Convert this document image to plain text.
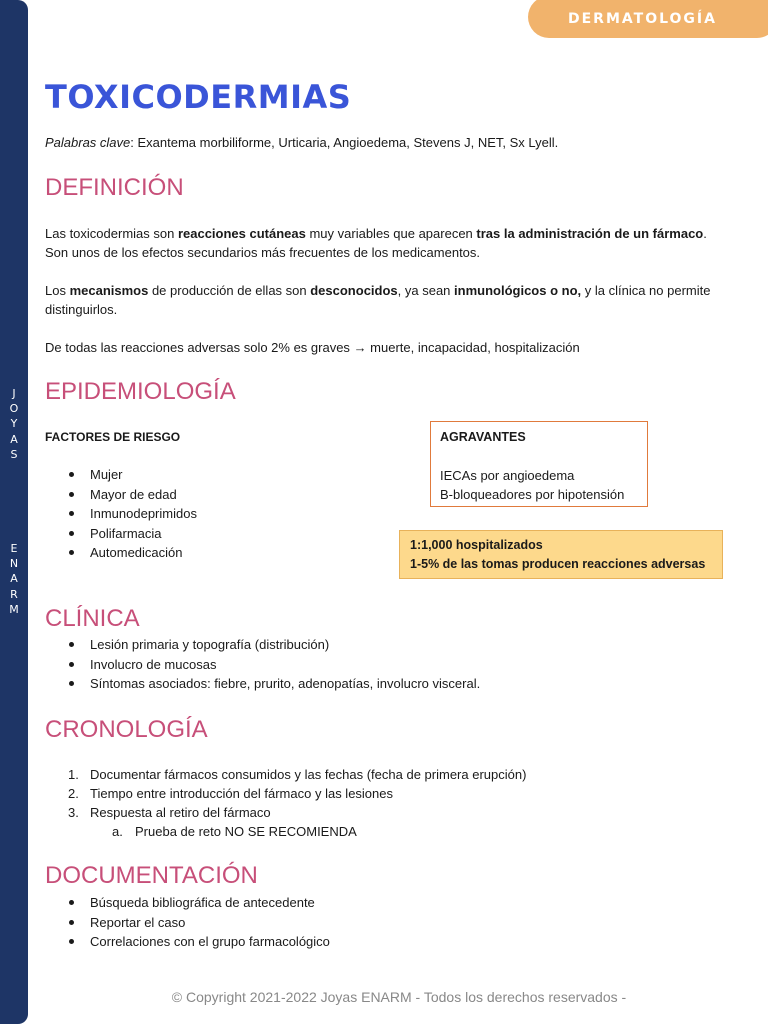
J
O
Y
A
S
E
N
A
R
M
DERMATOLOGÍA
TOXICODERMIAS
Palabras clave: Exantema morbiliforme, Urticaria, Angioedema, Stevens J, NET, Sx Lyell.
DEFINICIÓN
Las toxicodermias son reacciones cutáneas muy variables que aparecen tras la administración de un fármaco.
Son unos de los efectos secundarios más frecuentes de los medicamentos.
Los mecanismos de producción de ellas son desconocidos, ya sean inmunológicos o no, y la clínica no permite
distinguirlos.
De todas las reacciones adversas solo 2% es graves → muerte, incapacidad, hospitalización
EPIDEMIOLOGÍA
FACTORES DE RIESGO
Mujer
Mayor de edad
Inmunodeprimidos
Polifarmacia
Automedicación
AGRAVANTES
IECAs por angioedema
B-bloqueadores por hipotensión
1:1,000 hospitalizados
1-5% de las tomas producen reacciones adversas
CLÍNICA
Lesión primaria y topografía (distribución)
Involucro de mucosas
Síntomas asociados: fiebre, prurito, adenopatías, involucro visceral.
CRONOLOGÍA
1. Documentar fármacos consumidos y las fechas (fecha de primera erupción)
2. Tiempo entre introducción del fármaco y las lesiones
3. Respuesta al retiro del fármaco
a. Prueba de reto NO SE RECOMIENDA
DOCUMENTACIÓN
Búsqueda bibliográfica de antecedente
Reportar el caso
Correlaciones con el grupo farmacológico
© Copyright 2021-2022 Joyas ENARM - Todos los derechos reservados -
